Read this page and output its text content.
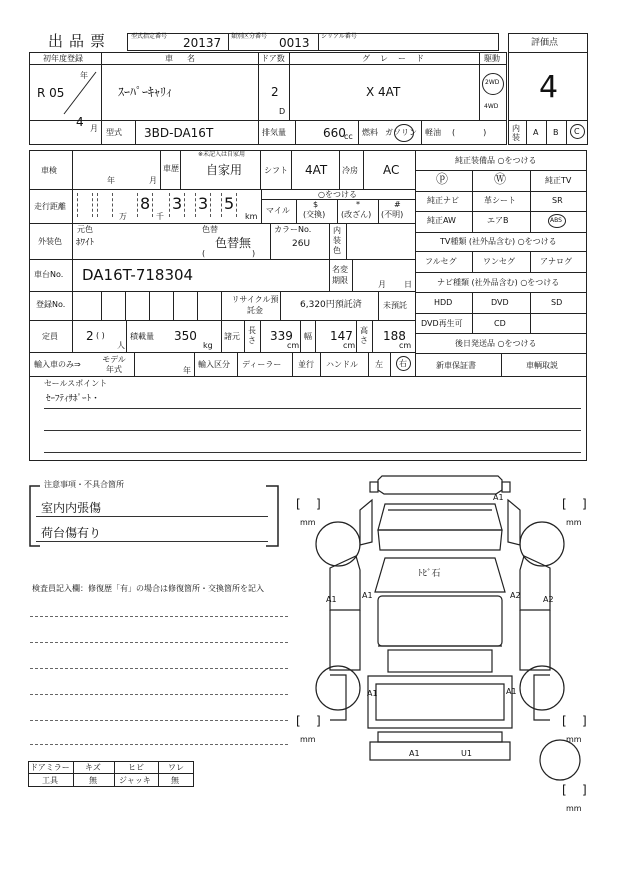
出品票	型式指定番号 20137 類別区分番号 0013 シリアル番号
評価点
4
初年度登録
年
R 05
4 月
車名
ｽｰﾊﾟｰｷｬﾘｨ
ドア数
2
D
グレード
X 4AT
駆動
2WD
4WD
型式 3BD-DA16T	排気量	660
cc 燃料 ガソリン 軽油 (           )	内装
A B C
車検
年	月
車歴
※未記入は自家用
自家用	シフト 4AT 冷房 AC
走行距離	8 3 3 5
万	千	km
○をつける
マイル
$
(交換)
*
(改ざん)
#
(不明)
外装色
元色
ﾎﾜｲﾄ
色替
色替無
(	)
カラーNo.
26U
内装色
車台No. DA16T-718304	名変期限	月 日
登録No.
リサイクル預託金
6,320円預託済	未預託
定員 2 ( )
人
積載量 350
kg
諸元
長さ 339
cm
幅 147
cm
高さ 188
cm
輸入車のみ⇒
モデル年式	年
輸入区分 ディーラー 並行 ハンドル 左 右
純正装備品 ○をつける
ⓟ	Ⓦ	純正TV
純正ナビ	革シート	SR
純正AW	エアB	ABS
TV種類 (社外品含む) ○をつける
フルセグ	ワンセグ	アナログ
ナビ種類 (社外品含む) ○をつける
HDD	DVD	SD
DVD再生可	CD
後日発送品 ○をつける
新車保証書	車輌取説
セールスポイント
ｾｰﾌﾃｨｻﾎﾟｰﾄ・
注意事項・不具合箇所
室内内張傷
荷台傷有り
検査員記入欄：修復歴「有」の場合は修復箇所・交換箇所を記入
ドアミラー キズ	ヒビ	ワレ
工具	無	ジャッキ	無
ﾄﾋﾞ石
A1
A1	A1
A1
A2	A2
A1
A1	U1
[    ]
mm
[    ]
mm
[    ]
mm
[    ]
mm
[    ]
mm
